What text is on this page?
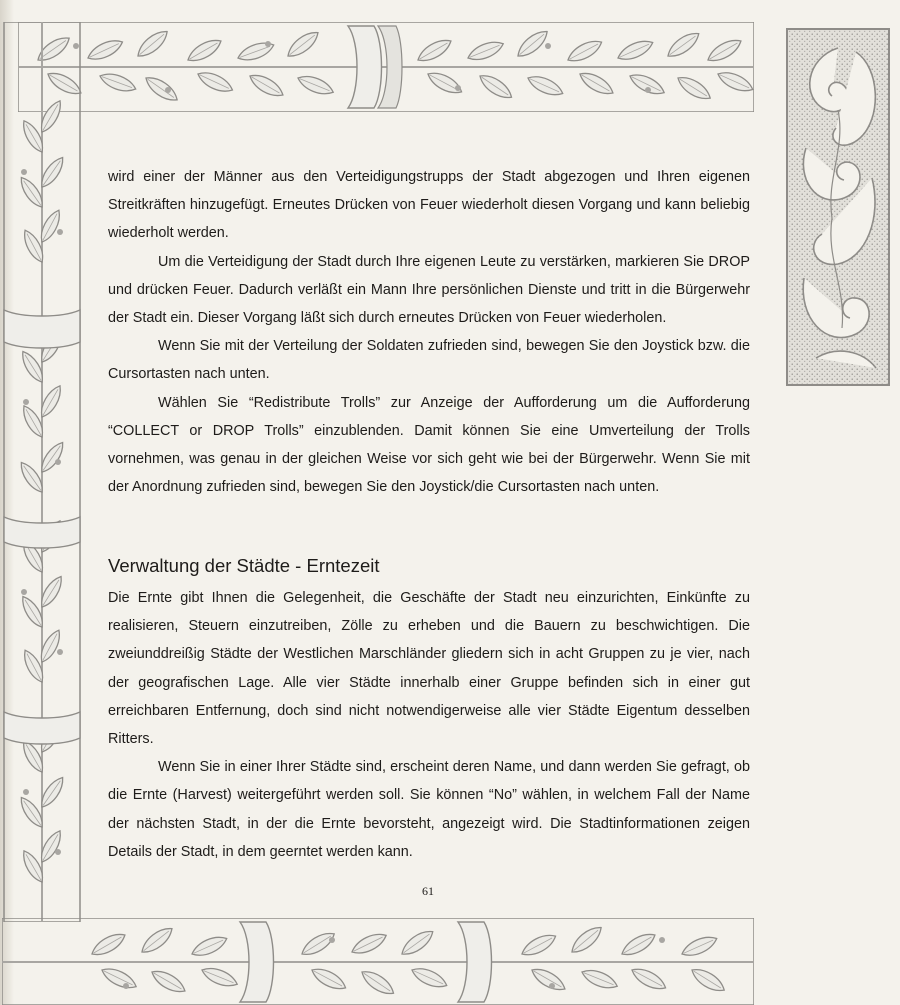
wird einer der Männer aus den Verteidigungstrupps der Stadt abgezogen und Ihren eigenen Streitkräften hinzugefügt. Erneutes Drücken von Feuer wiederholt diesen Vorgang und kann beliebig wiederholt werden.

Um die Verteidigung der Stadt durch Ihre eigenen Leute zu verstärken, markieren Sie DROP und drücken Feuer. Dadurch verläßt ein Mann Ihre persönlichen Dienste und tritt in die Bürgerwehr der Stadt ein. Dieser Vorgang läßt sich durch erneutes Drücken von Feuer wiederholen.

Wenn Sie mit der Verteilung der Soldaten zufrieden sind, bewegen Sie den Joystick bzw. die Cursortasten nach unten.

Wählen Sie “Redistribute Trolls” zur Anzeige der Aufforderung um die Aufforderung “COLLECT or DROP Trolls” einzublenden. Damit können Sie eine Umverteilung der Trolls vornehmen, was genau in der gleichen Weise vor sich geht wie bei der Bürgerwehr. Wenn Sie mit der Anordnung zufrieden sind, bewegen Sie den Joystick/die Cursortasten nach unten.

Verwaltung der Städte - Erntezeit

Die Ernte gibt Ihnen die Gelegenheit, die Geschäfte der Stadt neu einzurichten, Einkünfte zu realisieren, Steuern einzutreiben, Zölle zu erheben und die Bauern zu beschwichtigen. Die zweiunddreißig Städte der Westlichen Marschländer gliedern sich in acht Gruppen zu je vier, nach der geografischen Lage. Alle vier Städte innerhalb einer Gruppe befinden sich in einer gut erreichbaren Entfernung, doch sind nicht notwendigerweise alle vier Städte Eigentum desselben Ritters.

Wenn Sie in einer Ihrer Städte sind, erscheint deren Name, und dann werden Sie gefragt, ob die Ernte (Harvest) weitergeführt werden soll. Sie können “No” wählen, in welchem Fall der Name der nächsten Stadt, in der die Ernte bevorsteht, angezeigt wird. Die Stadtinformationen zeigen Details der Stadt, in dem geerntet werden kann.

61
